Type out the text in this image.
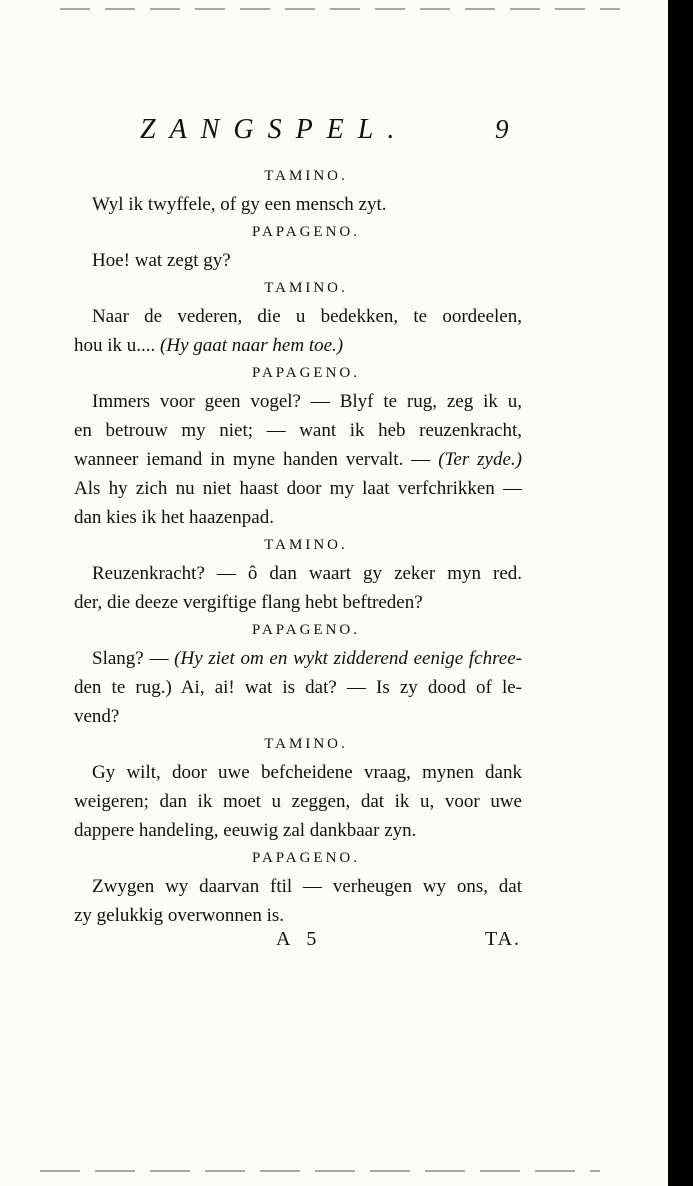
ZANGSPEL.	9
TAMINO.
Wyl ik twyffele, of gy een mensch zyt.
PAPAGENO.
Hoe! wat zegt gy?
TAMINO.
Naar de vederen, die u bedekken, te oordeelen,
hou ik u.... (Hy gaat naar hem toe.)
PAPAGENO.
Immers voor geen vogel? — Blyf te rug, zeg ik u,
en betrouw my niet; — want ik heb reuzenkracht,
wanneer iemand in myne handen vervalt. — (Ter zyde.)
Als hy zich nu niet haast door my laat verfchrikken —
dan kies ik het haazenpad.
TAMINO.
Reuzenkracht? — ô dan waart gy zeker myn red.
der, die deeze vergiftige flang hebt beftreden?
PAPAGENO.
Slang? — (Hy ziet om en wykt zidderend eenige fchree-
den te rug.) Ai, ai! wat is dat? — Is zy dood of le-
vend?
TAMINO.
Gy wilt, door uwe befcheidene vraag, mynen dank
weigeren; dan ik moet u zeggen, dat ik u, voor uwe
dappere handeling, eeuwig zal dankbaar zyn.
PAPAGENO.
Zwygen wy daarvan ftil — verheugen wy ons, dat
zy gelukkig overwonnen is.
A 5	TA.
